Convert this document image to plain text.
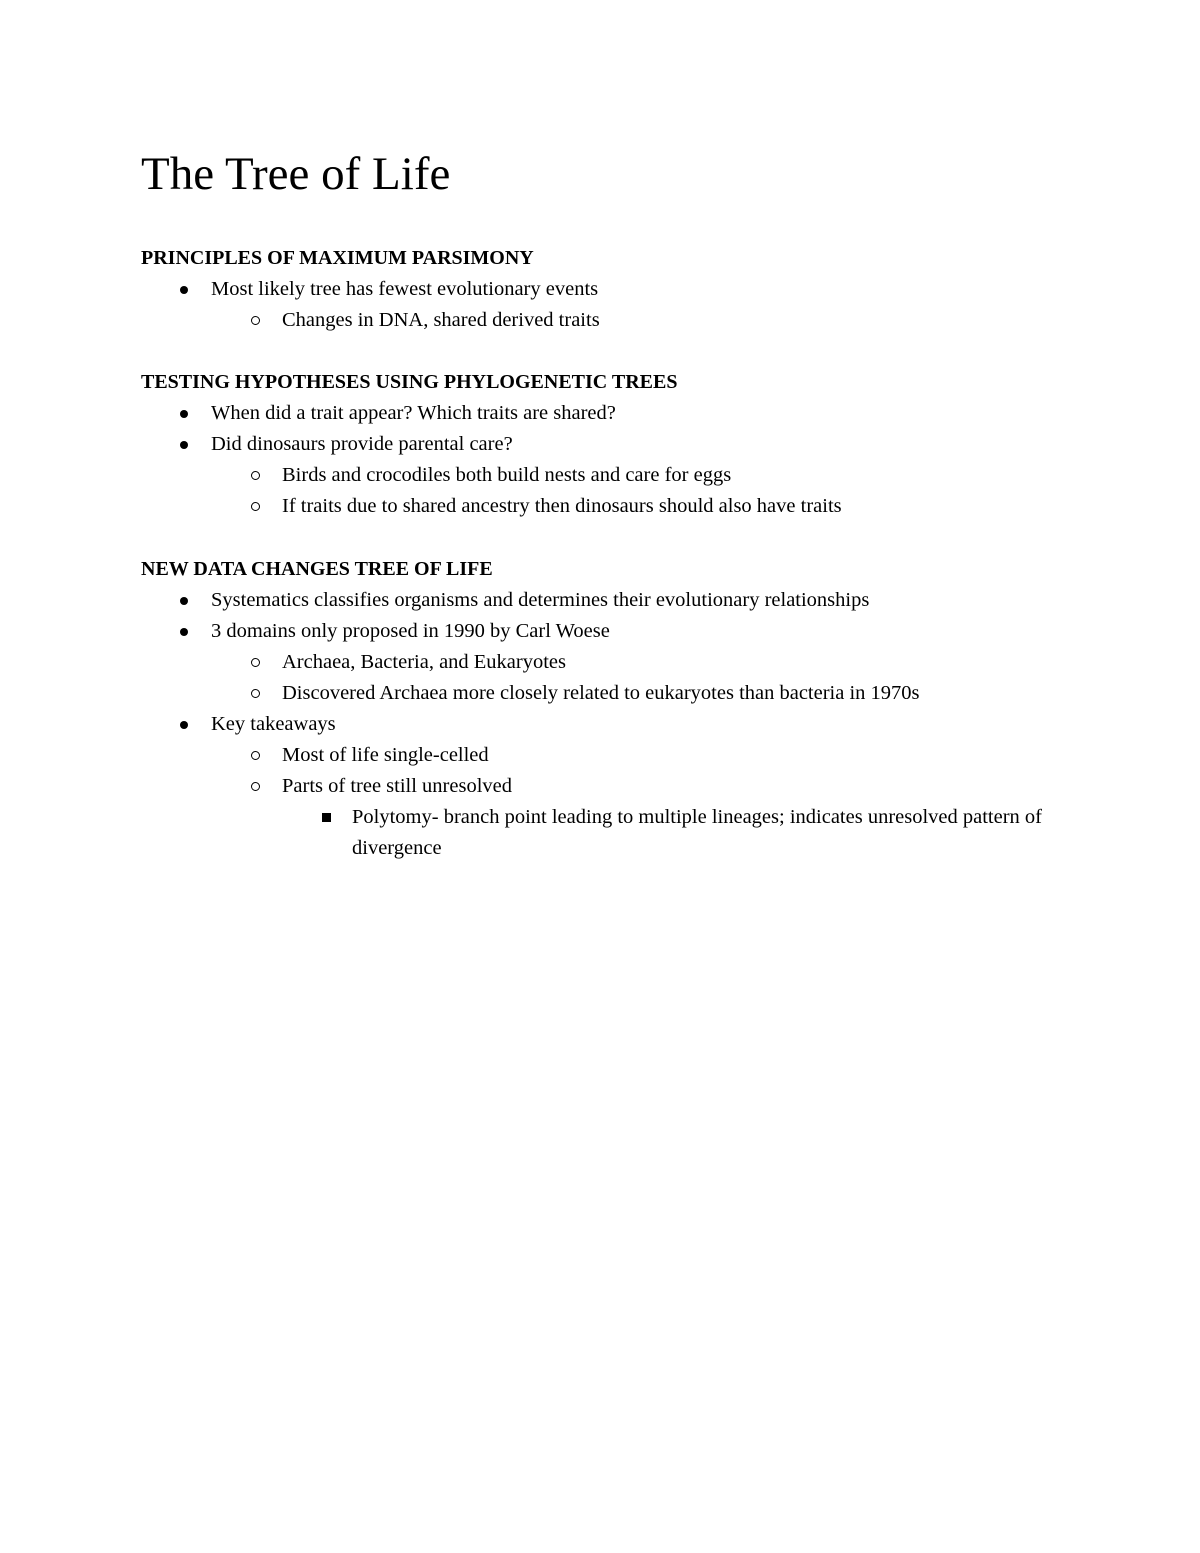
The Tree of Life
PRINCIPLES OF MAXIMUM PARSIMONY
Most likely tree has fewest evolutionary events
Changes in DNA, shared derived traits
TESTING HYPOTHESES USING PHYLOGENETIC TREES
When did a trait appear? Which traits are shared?
Did dinosaurs provide parental care?
Birds and crocodiles both build nests and care for eggs
If traits due to shared ancestry then dinosaurs should also have traits
NEW DATA CHANGES TREE OF LIFE
Systematics classifies organisms and determines their evolutionary relationships
3 domains only proposed in 1990 by Carl Woese
Archaea, Bacteria, and Eukaryotes
Discovered Archaea more closely related to eukaryotes than bacteria in 1970s
Key takeaways
Most of life single-celled
Parts of tree still unresolved
Polytomy- branch point leading to multiple lineages; indicates unresolved pattern of divergence
